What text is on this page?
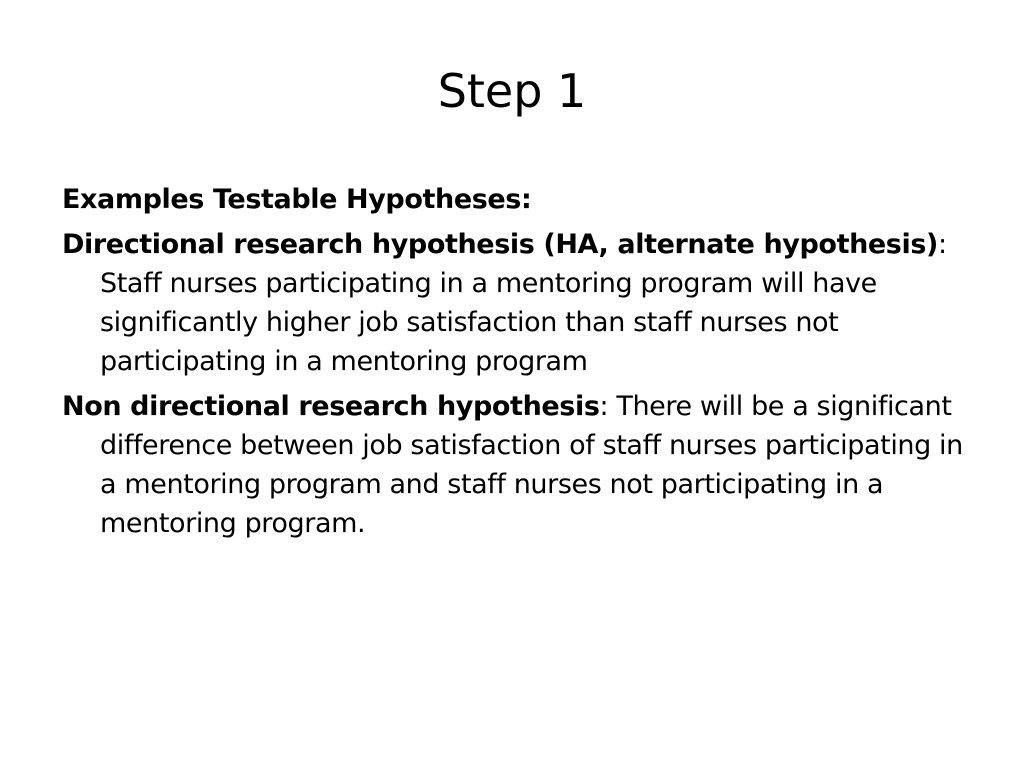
Step 1

Examples Testable Hypotheses:

Directional research hypothesis (HA, alternate hypothesis): Staff nurses participating in a mentoring program will have significantly higher job satisfaction than staff nurses not participating in a mentoring program

Non directional research hypothesis: There will be a significant difference between job satisfaction of staff nurses participating in a mentoring program and staff nurses not participating in a mentoring program.
